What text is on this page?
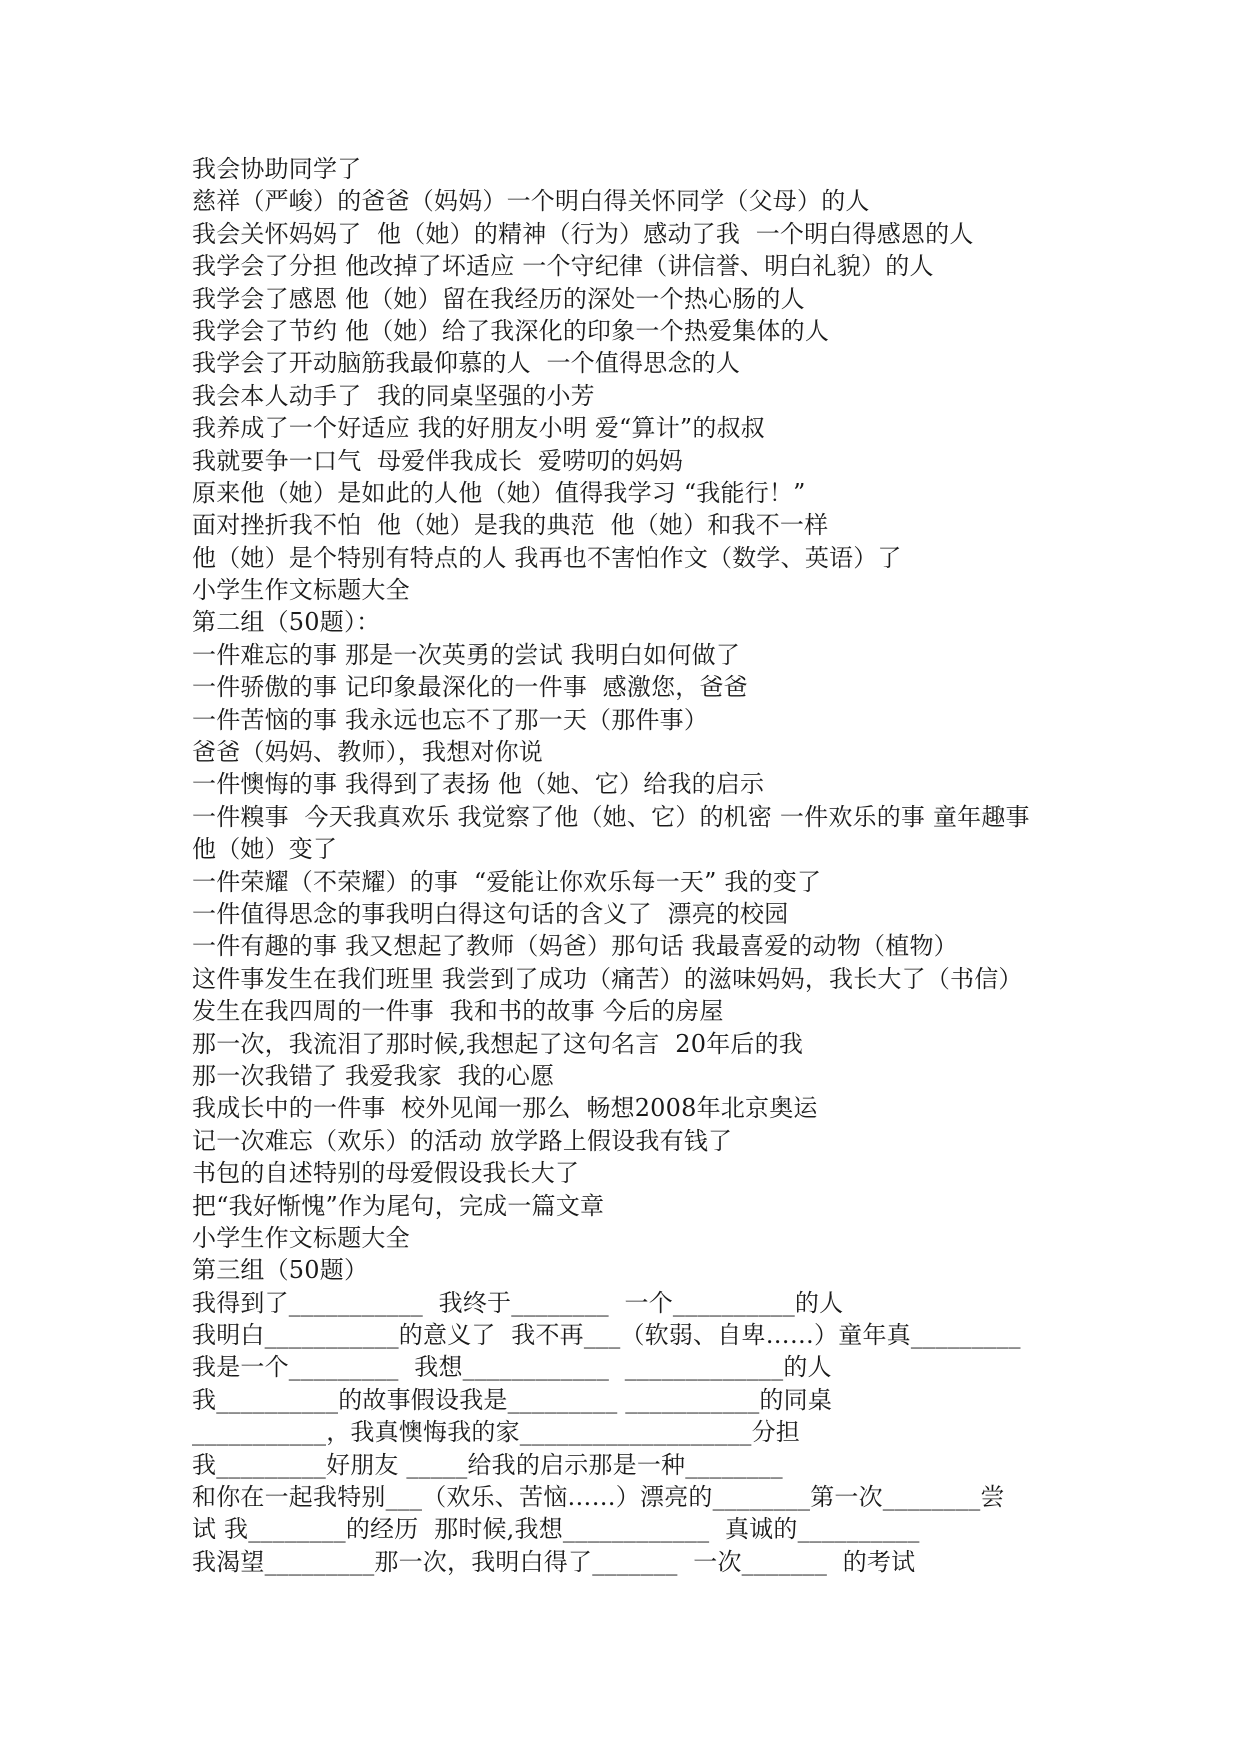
我会协助同学了
慈祥（严峻）的爸爸（妈妈）一个明白得关怀同学（父母）的人
我会关怀妈妈了  他（她）的精神（行为）感动了我  一个明白得感恩的人
我学会了分担 他改掉了坏适应 一个守纪律（讲信誉、明白礼貌）的人
我学会了感恩 他（她）留在我经历的深处一个热心肠的人
我学会了节约 他（她）给了我深化的印象一个热爱集体的人
我学会了开动脑筋我最仰慕的人  一个值得思念的人
我会本人动手了  我的同桌坚强的小芳
我养成了一个好适应 我的好朋友小明 爱“算计”的叔叔
我就要争一口气  母爱伴我成长  爱唠叨的妈妈
原来他（她）是如此的人他（她）值得我学习 “我能行！”
面对挫折我不怕  他（她）是我的典范  他（她）和我不一样
他（她）是个特别有特点的人 我再也不害怕作文（数学、英语）了
小学生作文标题大全
第二组（50题）：
一件难忘的事 那是一次英勇的尝试 我明白如何做了
一件骄傲的事 记印象最深化的一件事  感激您，爸爸
一件苦恼的事 我永远也忘不了那一天（那件事）
爸爸（妈妈、教师），我想对你说
一件懊悔的事 我得到了表扬 他（她、它）给我的启示
一件糗事  今天我真欢乐 我觉察了他（她、它）的机密 一件欢乐的事 童年趣事
他（她）变了
一件荣耀（不荣耀）的事  “爱能让你欢乐每一天” 我的变了
一件值得思念的事我明白得这句话的含义了  漂亮的校园
一件有趣的事 我又想起了教师（妈爸）那句话 我最喜爱的动物（植物）
这件事发生在我们班里 我尝到了成功（痛苦）的滋味妈妈，我长大了（书信）
发生在我四周的一件事  我和书的故事 今后的房屋
那一次，我流泪了那时候,我想起了这句名言  20年后的我
那一次我错了 我爱我家  我的心愿
我成长中的一件事  校外见闻一那么  畅想2008年北京奥运
记一次难忘（欢乐）的活动 放学路上假设我有钱了
书包的自述特别的母爱假设我长大了
把“我好惭愧”作为尾句，完成一篇文章
小学生作文标题大全
第三组（50题）
我得到了___________  我终于________  一个__________的人
我明白___________的意义了  我不再___（软弱、自卑……）童年真_________
我是一个_________  我想____________  _____________的人
我__________的故事假设我是_________ ___________的同桌
___________，我真懊悔我的家___________________分担
我_________好朋友 _____给我的启示那是一种________
和你在一起我特别___（欢乐、苦恼……）漂亮的________第一次________尝
试 我________的经历  那时候,我想____________  真诚的__________
我渴望_________那一次，我明白得了_______  一次_______  的考试
